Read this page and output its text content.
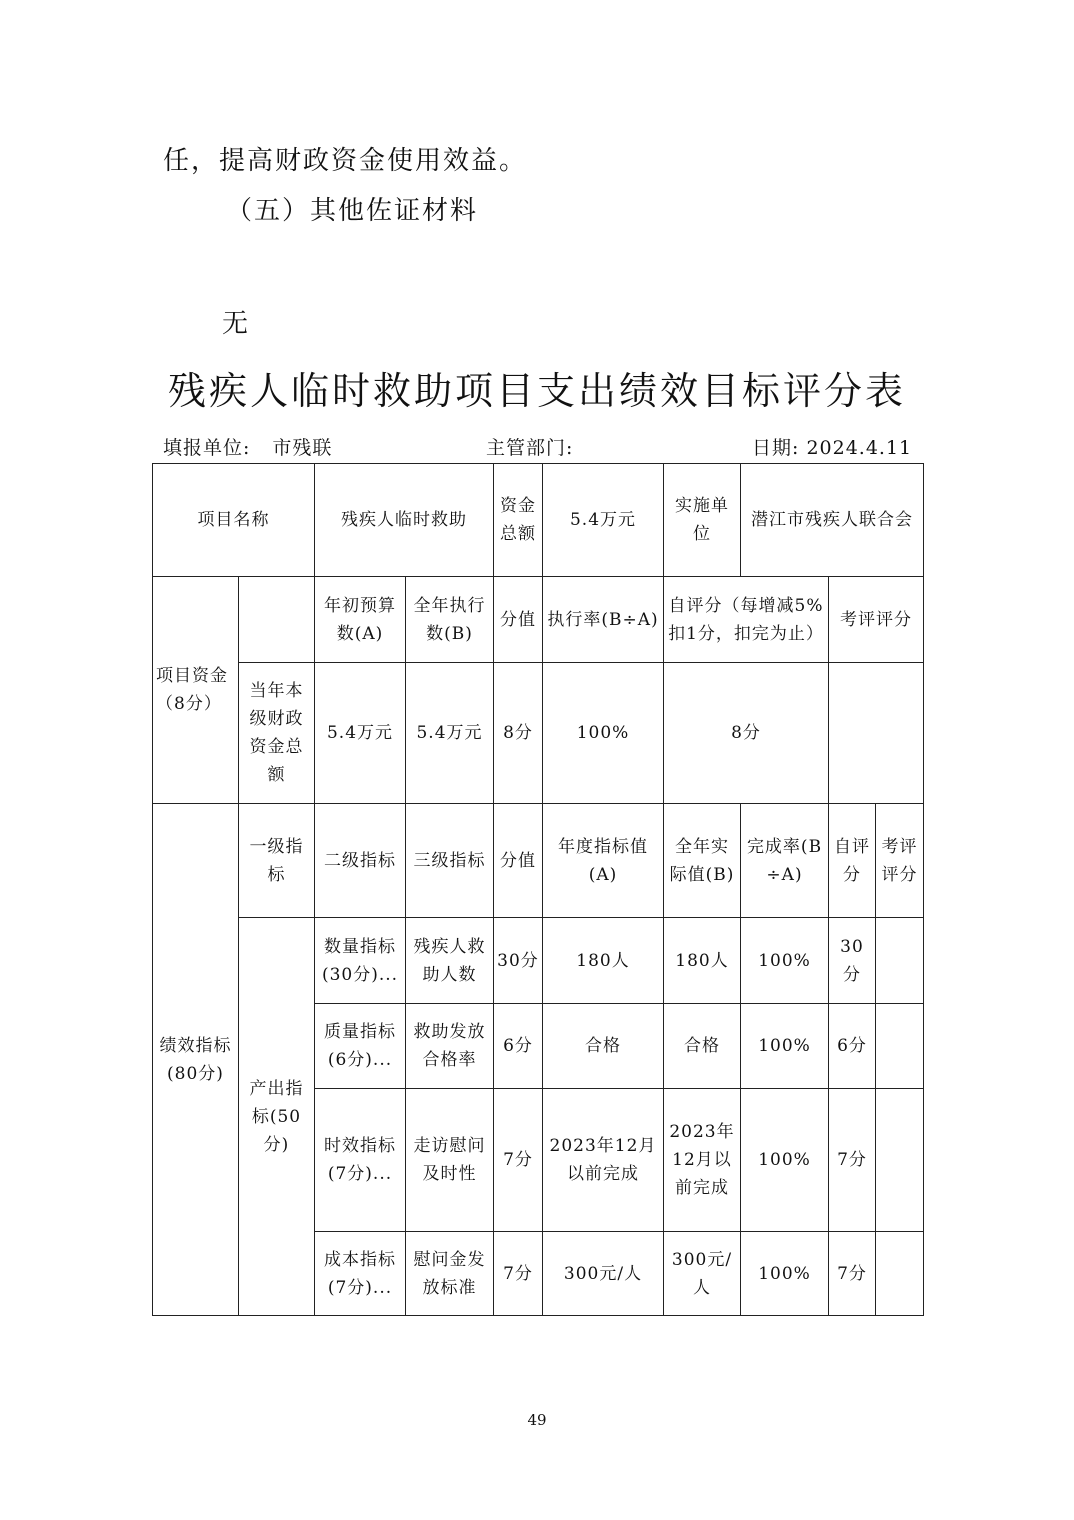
任，提高财政资金使用效益。
（五）其他佐证材料
无
残疾人临时救助项目支出绩效目标评分表
填报单位: 市残联	主管部门:	日期: 2024.4.11
项目名称		残疾人临时救助		资金总额	5.4万元	实施单位	潜江市残疾人联合会		
项目资金（8分）		年初预算数(A)	全年执行数(B)	分值	执行率(B÷A)	自评分（每增减5%扣1分，扣完为止）		考评评分	
	当年本级财政资金总额	5.4万元	5.4万元	8分	100%	8分			
绩效指标(80分)	一级指标	二级指标	三级指标	分值	年度指标值(A)	全年实际值(B)	完成率(B÷A)	自评分	考评评分
	产出指标(50分)	数量指标(30分)...	残疾人救助人数	30分	180人	180人	100%	30分	
		质量指标(6分)...	救助发放合格率	6分	合格	合格	100%	6分	
		时效指标(7分)...	走访慰问及时性	7分	2023年12月以前完成	2023年12月以前完成	100%	7分	
		成本指标(7分)...	慰问金发放标准	7分	300元/人	300元/人	100%	7分	
49
